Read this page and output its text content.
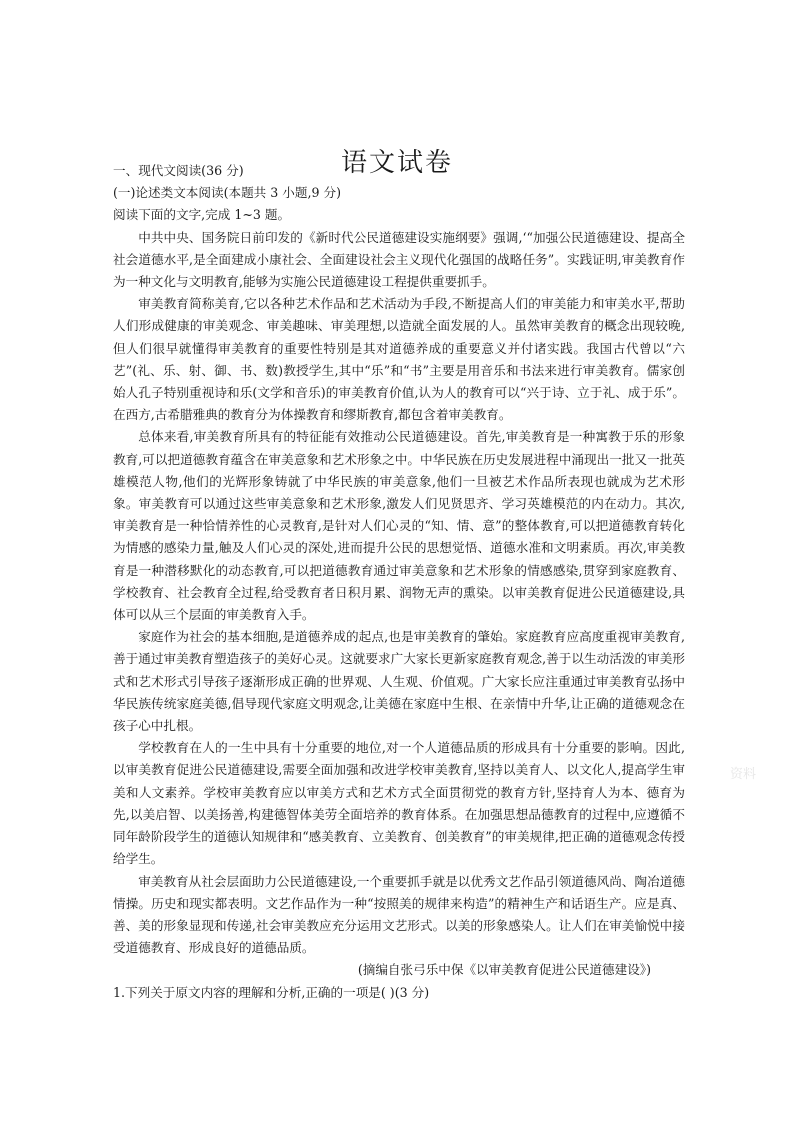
语文试卷

一、现代文阅读(36 分)

(一)论述类文本阅读(本题共 3 小题,9 分)

阅读下面的文字,完成 1~3 题。

中共中央、国务院日前印发的《新时代公民道德建设实施纲要》强调,‘“加强公民道德建设、提高全社会道德水平,是全面建成小康社会、全面建设社会主义现代化强国的战略任务”。实践证明,审美教育作为一种文化与文明教育,能够为实施公民道德建设工程提供重要抓手。

审美教育简称美育,它以各种艺术作品和艺术活动为手段,不断提高人们的审美能力和审美水平,帮助人们形成健康的审美观念、审美趣味、审美理想,以造就全面发展的人。虽然审美教育的概念出现较晚,但人们很早就懂得审美教育的重要性特别是其对道德养成的重要意义并付诸实践。我国古代曾以“六艺”(礼、乐、射、御、书、数)教授学生,其中“乐”和“书”主要是用音乐和书法来进行审美教育。儒家创始人孔子特别重视诗和乐(文学和音乐)的审美教育价值,认为人的教育可以“兴于诗、立于礼、成于乐”。在西方,古希腊雅典的教育分为体操教育和缪斯教育,都包含着审美教育。

总体来看,审美教育所具有的特征能有效推动公民道德建设。首先,审美教育是一种寓教于乐的形象教育,可以把道德教育蕴含在审美意象和艺术形象之中。中华民族在历史发展进程中涌现出一批又一批英雄模范人物,他们的光辉形象铸就了中华民族的审美意象,他们一旦被艺术作品所表现也就成为艺术形象。审美教育可以通过这些审美意象和艺术形象,激发人们见贤思齐、学习英雄模范的内在动力。其次,审美教育是一种恰情养性的心灵教育,是针对人们心灵的“知、情、意”的整体教育,可以把道德教育转化为情感的感染力量,触及人们心灵的深处,进而提升公民的思想觉悟、道德水准和文明素质。再次,审美教育是一种潜移默化的动态教育,可以把道德教育通过审美意象和艺术形象的情感感染,贯穿到家庭教育、学校教育、社会教育全过程,给受教育者日积月累、润物无声的熏染。以审美教育促进公民道德建设,具体可以从三个层面的审美教育入手。

家庭作为社会的基本细胞,是道德养成的起点,也是审美教育的肇始。家庭教育应高度重视审美教育,善于通过审美教育塑造孩子的美好心灵。这就要求广大家长更新家庭教育观念,善于以生动活泼的审美形式和艺术形式引导孩子逐渐形成正确的世界观、人生观、价值观。广大家长应注重通过审美教育弘扬中华民族传统家庭美德,倡导现代家庭文明观念,让美德在家庭中生根、在亲情中升华,让正确的道德观念在孩子心中扎根。

学校教育在人的一生中具有十分重要的地位,对一个人道德品质的形成具有十分重要的影响。因此,以审美教育促进公民道德建设,需要全面加强和改进学校审美教育,坚持以美育人、以文化人,提高学生审美和人文素养。学校审美教育应以审美方式和艺术方式全面贯彻党的教育方针,坚持育人为本、德育为先,以美启智、以美扬善,构建德智体美劳全面培养的教育体系。在加强思想品德教育的过程中,应遵循不同年龄阶段学生的道德认知规律和“感美教育、立美教育、创美教育”的审美规律,把正确的道德观念传授给学生。

审美教育从社会层面助力公民道德建设,一个重要抓手就是以优秀文艺作品引领道德风尚、陶冶道德情操。历史和现实都表明。文艺作品作为一种“按照美的规律来构造”的精神生产和话语生产。应是真、善、美的形象显现和传递,社会审美教应充分运用文艺形式。以美的形象感染人。让人们在审美愉悦中接受道德教育、形成良好的道德品质。

(摘编自张弓乐中保《以审美教育促进公民道德建设》)

1.下列关于原文内容的理解和分析,正确的一项是( )(3 分)

资料
